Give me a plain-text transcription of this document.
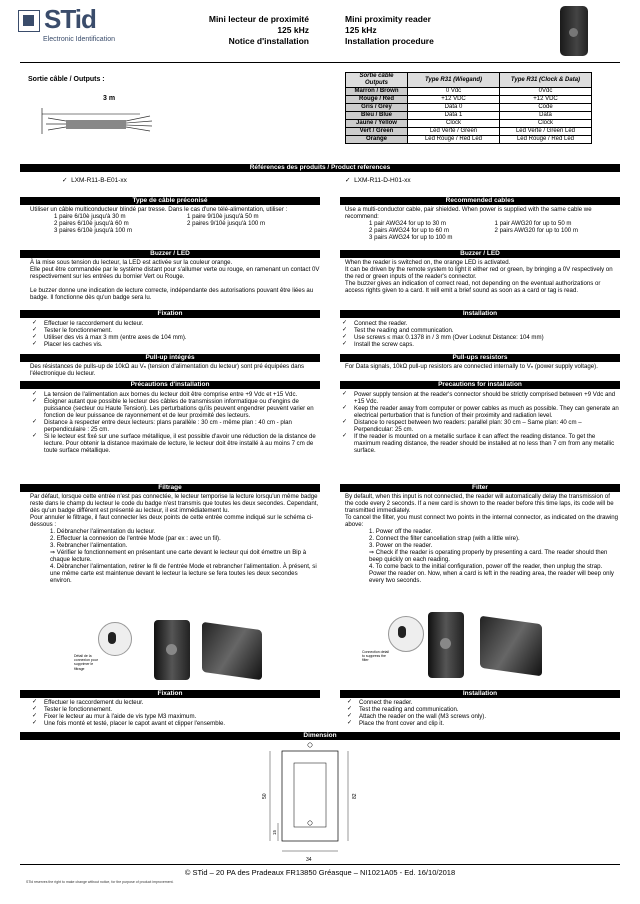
STid
Electronic Identification
Mini lecteur de proximité
125 kHz
Notice d'installation
Mini proximity reader
125 kHz
Installation procedure
Sortie câble / Outputs :
3 m
Sortie câble Outputs	Type R31 (Wiegand)	Type R31 (Clock & Data)
Marron / Brown	0 Vdc	0Vdc
Rouge / Red	+12 VDC	+12 VDC
Gris / Grey	Data 0	Code
Bleu / Blue	Data 1	Data
Jaune / Yellow	Clock	Clock
Vert / Green	Led Verte / Green	Led Verte / Green Led
Orange	Led Rouge / Red Led	Led Rouge / Red Led
Références des produits / Product references
✓  LXM-R11-B-E01-xx	✓  LXM-R11-D-H01-xx
Type de câble préconisé	Recommended cables

Utiliser un câble multiconducteur blindé par tresse. Dans le cas d'une télé-alimentation, utiliser :

1 paire 6/10è jusqu'à 30 m	1 paire 9/10è jusqu'à 50 m
2 paires 6/10è jusqu'à 60 m	2 paires 9/10è jusqu'à 100 m
3 paires 6/10è jusqu'à 100 m

Use a multi-conductor cable, pair shielded. When power is supplied with the same cable we recommend:

1 pair AWG24 for up to 30 m	1 pair AWG20 for up to 50 m
2 pairs AWG24 for up to 60 m	2 pairs AWG20 for up to 100 m
3 pairs AWG24 for up to 100 m
Buzzer / LED	Buzzer / LED

À la mise sous tension du lecteur, la LED est activée sur la couleur orange.

Elle peut être commandée par le système distant pour s'allumer verte ou rouge, en ramenant un contact 0V respectivement sur les entrées du bornier Vert ou Rouge.

Le buzzer donne une indication de lecture correcte, indépendante des autorisations pouvant être liées au badge. Il fonctionne dès qu'un badge sera lu.

When the reader is switched on, the orange LED is activated.

It can be driven by the remote system to light it either red or green, by bringing a 0V respectively on the red or green inputs of the reader's connector.

The buzzer gives an indication of correct read, not depending on the eventual authorizations or access rights given to a card. It will emit a brief sound as soon as a card or tag is read.

Fixation	Installation

✓ Effectuer le raccordement du lecteur.

✓ Tester le fonctionnement.

✓ Utiliser des vis à max 3 mm (entre axes de 104 mm).

✓ Placer les caches vis.

✓ Connect the reader.

✓ Test the reading and communication.

✓ Use screws ≤ max 0.1378 in / 3 mm (Over Locknut Distance: 104 mm)

✓ Install the screw caps.

Pull-up intégrés	Pull-ups resistors
Des résistances de pulls-up de 10kΩ au Vₙ (tension d'alimentation du lecteur) sont pré équipées dans l'électronique du lecteur.
For Data signals, 10kΩ pull-up resistors are connected internally to Vₙ (power supply voltage).
Précautions d'installation	Precautions for installation

✓ La tension de l'alimentation aux bornes du lecteur doit être comprise entre +9 Vdc et +15 Vdc.

✓ Éloigner autant que possible le lecteur des câbles de transmission informatique ou d'engins de puissance (secteur ou Haute Tension). Les perturbations qu'ils peuvent engendrer peuvent varier en fonction de leur puissance de rayonnement et de leur proximité des lecteurs.

✓ Distance à respecter entre deux lecteurs: plans parallèle : 30 cm - même plan : 40 cm - plan perpendiculaire : 25 cm.

✓ Si le lecteur est fixé sur une surface métallique, il est possible d'avoir une réduction de la distance de lecture. Pour obtenir la distance maximale de lecture, le lecteur doit être installé à au moins 7 cm de toute surface métallique.

✓ Power supply tension at the reader's connector should be strictly comprised between +9 Vdc and +15 Vdc.

✓ Keep the reader away from computer or power cables as much as possible. They can generate an electrical perturbation that is function of their proximity and radiation level.

✓ Distance to respect between two readers: parallel plan: 30 cm – Same plan: 40 cm – Perpendicular: 25 cm.

✓ If the reader is mounted on a metallic surface it can affect the reading distance. To get the maximum reading distance, the reader should be installed at no less than 7 cm from any metallic surface.

Filtrage	Filter

Par défaut, lorsque cette entrée n'est pas connectée, le lecteur temporise la lecture lorsqu'un même badge reste dans le champ du lecteur le code du badge n'est transmis que toutes les deux secondes. Cependant, dès qu'un badge différent est présenté au lecteur, il est immédiatement lu.

Pour annuler le filtrage, il faut connecter les deux points de cette entrée comme indiqué sur le schéma ci-dessous :

1. Débrancher l'alimentation du lecteur.

2. Effectuer la connexion de l'entrée Mode (par ex : avec un fil).

3. Rebrancher l'alimentation.

⇒ Vérifier le fonctionnement en présentant une carte devant le lecteur qui doit émettre un Bip à chaque lecture.

4. Débrancher l'alimentation, retirer le fil de l'entrée Mode et rebrancher l'alimentation. À présent, si une même carte est maintenue devant le lecteur la lecture se fera toutes les deux secondes environ.

By default, when this input is not connected, the reader will automatically delay the transmission of the code every 2 seconds. If a new card is shown to the reader before this time laps, its code will be transmitted immediately.

To cancel the filter, you must connect two points in the internal connector, as indicated on the drawing above:

1. Power off the reader.

2. Connect the filter cancellation strap (with a little wire).

3. Power on the reader.

⇒ Check if the reader is operating properly by presenting a card. The reader should then beep quickly on each reading.

4. To come back to the initial configuration, power off the reader, then unplug the strap. Power the reader on. Now, when a card is left in the reading area, the reader will beep only every two seconds.

Détail de la connexion pour supprimer le filtrage
Connection detail to suppress the filter
Fixation	Installation

✓ Effectuer le raccordement du lecteur.

✓ Tester le fonctionnement.

✓ Fixer le lecteur au mur à l'aide de vis type M3 maximum.

✓ Une fois monté et testé, placer le capot avant et clipper l'ensemble.

✓ Connect the reader.

✓ Test the reading and communication.

✓ Attach the reader on the wall (M3 screws only).

✓ Place the front cover and clip it.

Dimension
50	82
15
34
© STid – 20 PA des Pradeaux FR13850 Gréasque – NI1021A05 - Ed. 16/10/2018
STid reserves the right to make change without notice, for the purpose of product improvement.
